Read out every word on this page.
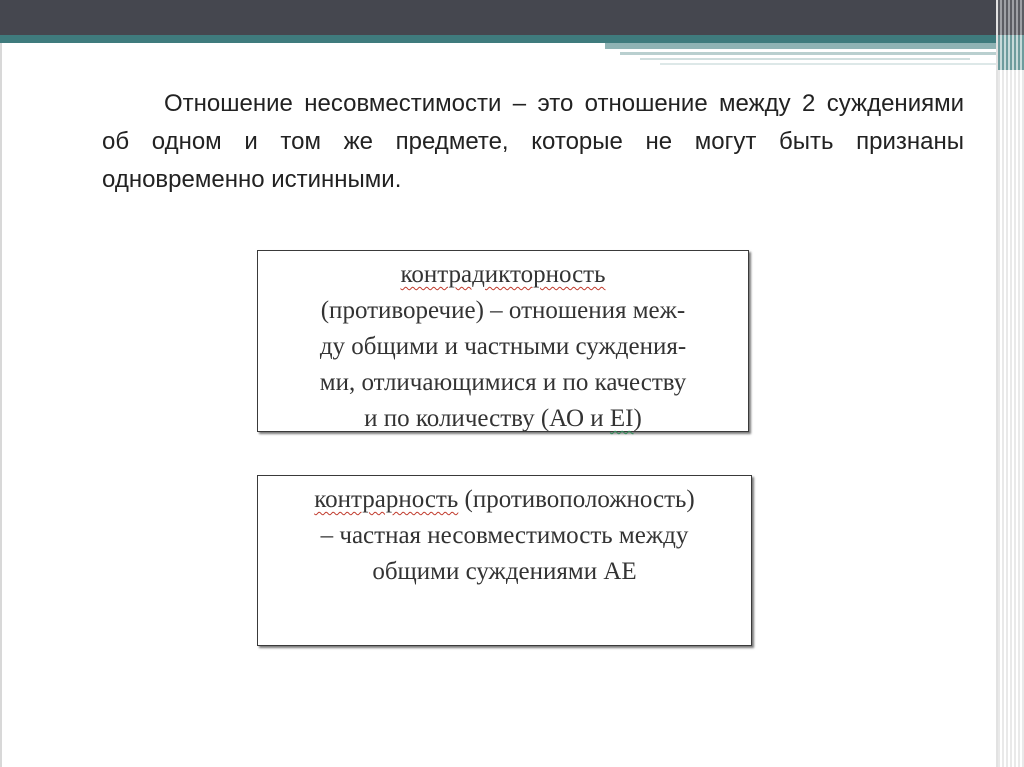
Отношение несовместимости – это отношение между 2 суждениями об одном и том же предмете, которые не могут быть признаны одновременно истинными.

контрадикторность
(противоречие) – отношения меж-
ду общими и частными суждения-
ми, отличающимися и по качеству
и по количеству (АО и EI)
контрарность (противоположность)
– частная несовместимость между
общими суждениями АЕ
